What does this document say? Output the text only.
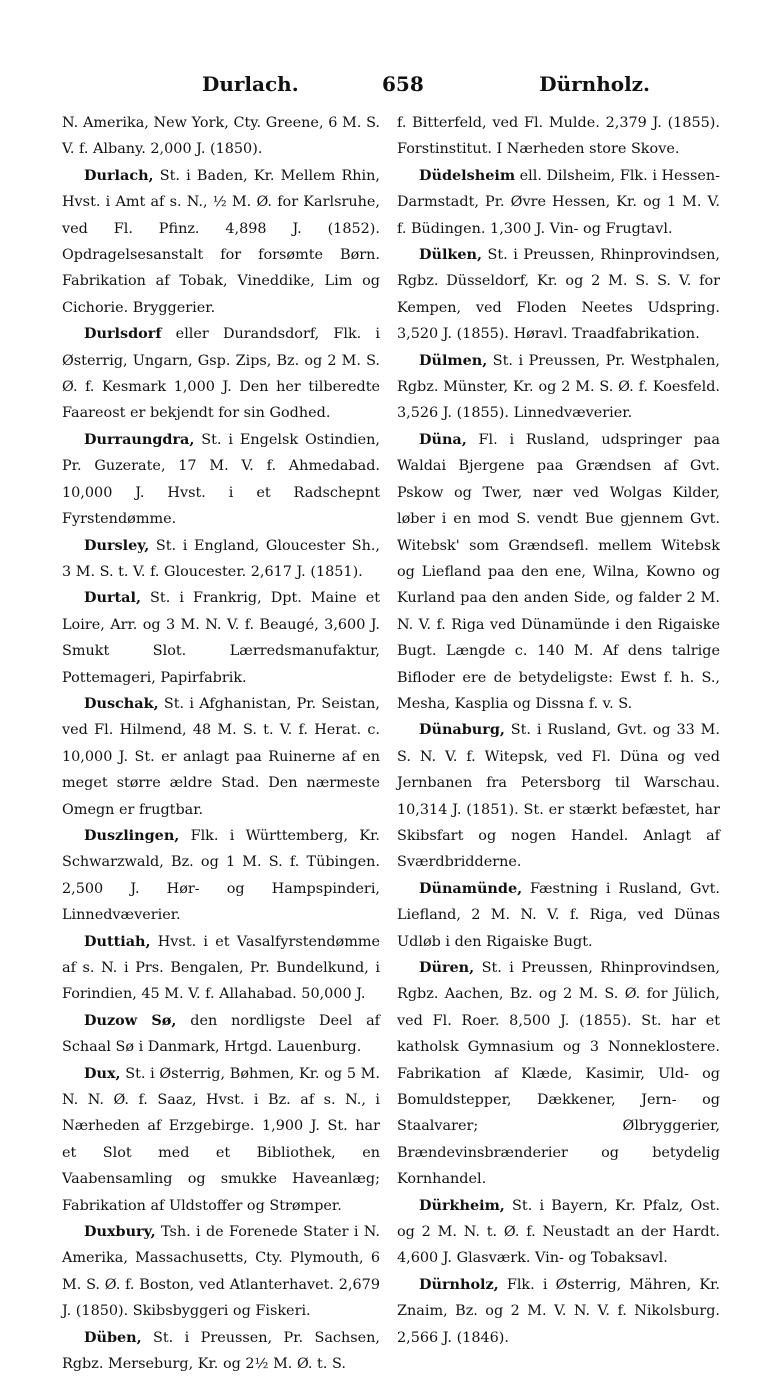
Durlach.	658	Dürnholz.

N. Amerika, New York, Cty. Greene, 6 M. S. V. f. Albany. 2,000 J. (1850).

Durlach, St. i Baden, Kr. Mellem Rhin, Hvst. i Amt af s. N., ½ M. Ø. for Karlsruhe, ved Fl. Pfinz. 4,898 J. (1852). Opdragelsesanstalt for forsømte Børn. Fabrikation af Tobak, Vineddike, Lim og Cichorie. Bryggerier.

Durlsdorf eller Durandsdorf, Flk. i Østerrig, Ungarn, Gsp. Zips, Bz. og 2 M. S. Ø. f. Kesmark 1,000 J. Den her tilberedte Faareost er bekjendt for sin Godhed.

Durraungdra, St. i Engelsk Ostindien, Pr. Guzerate, 17 M. V. f. Ahmedabad. 10,000 J. Hvst. i et Radschepnt Fyrstendømme.

Dursley, St. i England, Gloucester Sh., 3 M. S. t. V. f. Gloucester. 2,617 J. (1851).

Durtal, St. i Frankrig, Dpt. Maine et Loire, Arr. og 3 M. N. V. f. Beaugé, 3,600 J. Smukt Slot. Lærredsmanufaktur, Pottemageri, Papirfabrik.

Duschak, St. i Afghanistan, Pr. Seistan, ved Fl. Hilmend, 48 M. S. t. V. f. Herat. c. 10,000 J. St. er anlagt paa Ruinerne af en meget større ældre Stad. Den nærmeste Omegn er frugtbar.

Duszlingen, Flk. i Württemberg, Kr. Schwarzwald, Bz. og 1 M. S. f. Tübingen. 2,500 J. Hør- og Hampspinderi, Linnedvæverier.

Duttiah, Hvst. i et Vasalfyrstendømme af s. N. i Prs. Bengalen, Pr. Bundelkund, i Forindien, 45 M. V. f. Allahabad. 50,000 J.

Duzow Sø, den nordligste Deel af Schaal Sø i Danmark, Hrtgd. Lauenburg.

Dux, St. i Østerrig, Bøhmen, Kr. og 5 M. N. N. Ø. f. Saaz, Hvst. i Bz. af s. N., i Nærheden af Erzgebirge. 1,900 J. St. har et Slot med et Bibliothek, en Vaabensamling og smukke Haveanlæg; Fabrikation af Uldstoffer og Strømper.

Duxbury, Tsh. i de Forenede Stater i N. Amerika, Massachusetts, Cty. Plymouth, 6 M. S. Ø. f. Boston, ved Atlanterhavet. 2,679 J. (1850). Skibsbyggeri og Fiskeri.

Düben, St. i Preussen, Pr. Sachsen, Rgbz. Merseburg, Kr. og 2½ M. Ø. t. S.

f. Bitterfeld, ved Fl. Mulde. 2,379 J. (1855). Forstinstitut. I Nærheden store Skove.

Düdelsheim ell. Dilsheim, Flk. i Hessen-Darmstadt, Pr. Øvre Hessen, Kr. og 1 M. V. f. Büdingen. 1,300 J. Vin- og Frugtavl.

Dülken, St. i Preussen, Rhinprovindsen, Rgbz. Düsseldorf, Kr. og 2 M. S. S. V. for Kempen, ved Floden Neetes Udspring. 3,520 J. (1855). Høravl. Traadfabrikation.

Dülmen, St. i Preussen, Pr. Westphalen, Rgbz. Münster, Kr. og 2 M. S. Ø. f. Koesfeld. 3,526 J. (1855). Linnedvæverier.

Düna, Fl. i Rusland, udspringer paa Waldai Bjergene paa Grændsen af Gvt. Pskow og Twer, nær ved Wolgas Kilder, løber i en mod S. vendt Bue gjennem Gvt. Witebsk' som Grændsefl. mellem Witebsk og Liefland paa den ene, Wilna, Kowno og Kurland paa den anden Side, og falder 2 M. N. V. f. Riga ved Dünamünde i den Rigaiske Bugt. Længde c. 140 M. Af dens talrige Bifloder ere de betydeligste: Ewst f. h. S., Mesha, Kasplia og Dissna f. v. S.

Dünaburg, St. i Rusland, Gvt. og 33 M. S. N. V. f. Witepsk, ved Fl. Düna og ved Jernbanen fra Petersborg til Warschau. 10,314 J. (1851). St. er stærkt befæstet, har Skibsfart og nogen Handel. Anlagt af Sværdbridderne.

Dünamünde, Fæstning i Rusland, Gvt. Liefland, 2 M. N. V. f. Riga, ved Dünas Udløb i den Rigaiske Bugt.

Düren, St. i Preussen, Rhinprovindsen, Rgbz. Aachen, Bz. og 2 M. S. Ø. for Jülich, ved Fl. Roer. 8,500 J. (1855). St. har et katholsk Gymnasium og 3 Nonneklostere. Fabrikation af Klæde, Kasimir, Uld- og Bomuldstepper, Dækkener, Jern- og Staalvarer; Ølbryggerier, Brændevinsbrænderier og betydelig Kornhandel.

Dürkheim, St. i Bayern, Kr. Pfalz, Ost. og 2 M. N. t. Ø. f. Neustadt an der Hardt. 4,600 J. Glasværk. Vin- og Tobaksavl.

Dürnholz, Flk. i Østerrig, Mähren, Kr. Znaim, Bz. og 2 M. V. N. V. f. Nikolsburg. 2,566 J. (1846).
